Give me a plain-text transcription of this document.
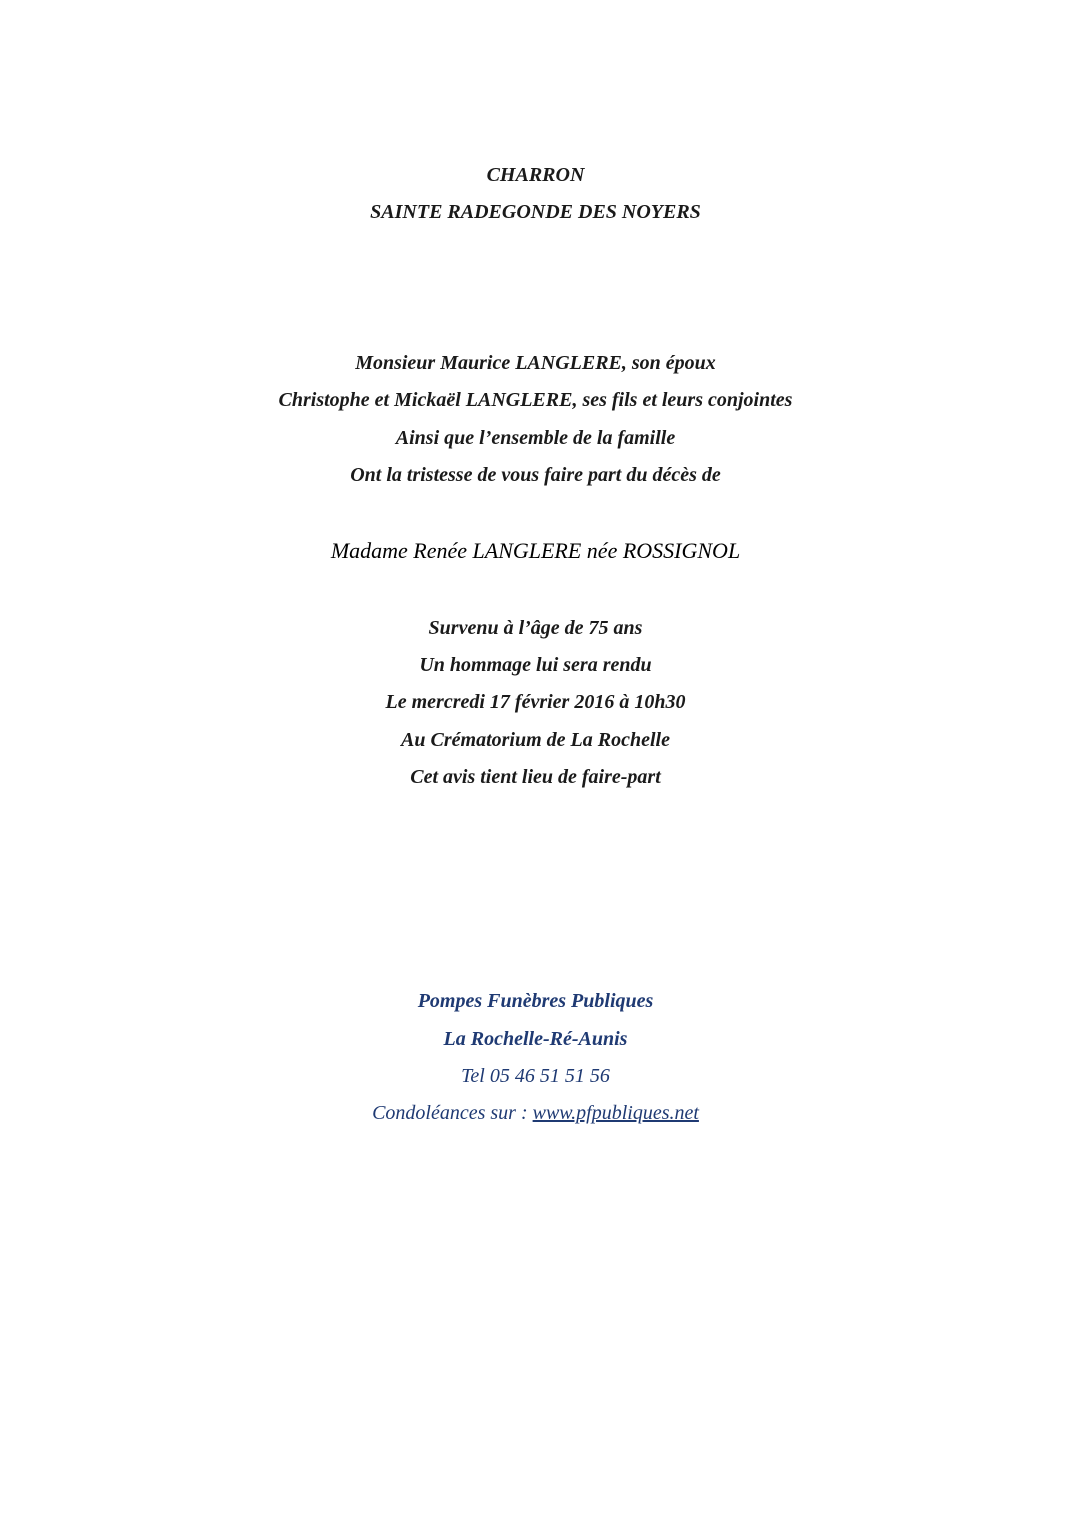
CHARRON
SAINTE RADEGONDE DES NOYERS
Monsieur Maurice LANGLERE, son époux
Christophe et Mickaël LANGLERE, ses fils et leurs conjointes
Ainsi que l’ensemble de la famille
Ont la tristesse de vous faire part du décès de
Madame Renée LANGLERE née ROSSIGNOL
Survenu à l’âge de 75 ans
Un hommage lui sera rendu
Le mercredi 17 février 2016 à 10h30
Au Crématorium de La Rochelle
Cet avis tient lieu de faire-part
Pompes Funèbres Publiques
La Rochelle-Ré-Aunis
Tel 05 46 51 51 56
Condoléances sur : www.pfpubliques.net
